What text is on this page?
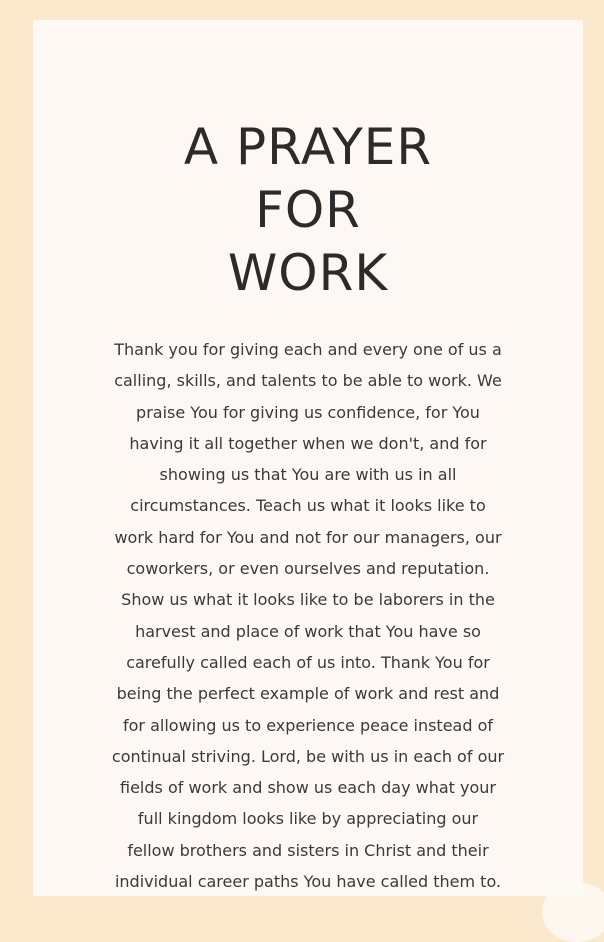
A PRAYER
FOR
WORK

Thank you for giving each and every one of us a
calling, skills, and talents to be able to work. We
praise You for giving us confidence, for You
having it all together when we don't, and for
showing us that You are with us in all
circumstances. Teach us what it looks like to
work hard for You and not for our managers, our
coworkers, or even ourselves and reputation.
Show us what it looks like to be laborers in the
harvest and place of work that You have so
carefully called each of us into. Thank You for
being the perfect example of work and rest and
for allowing us to experience peace instead of
continual striving. Lord, be with us in each of our
fields of work and show us each day what your
full kingdom looks like by appreciating our
fellow brothers and sisters in Christ and their
individual career paths You have called them to.
